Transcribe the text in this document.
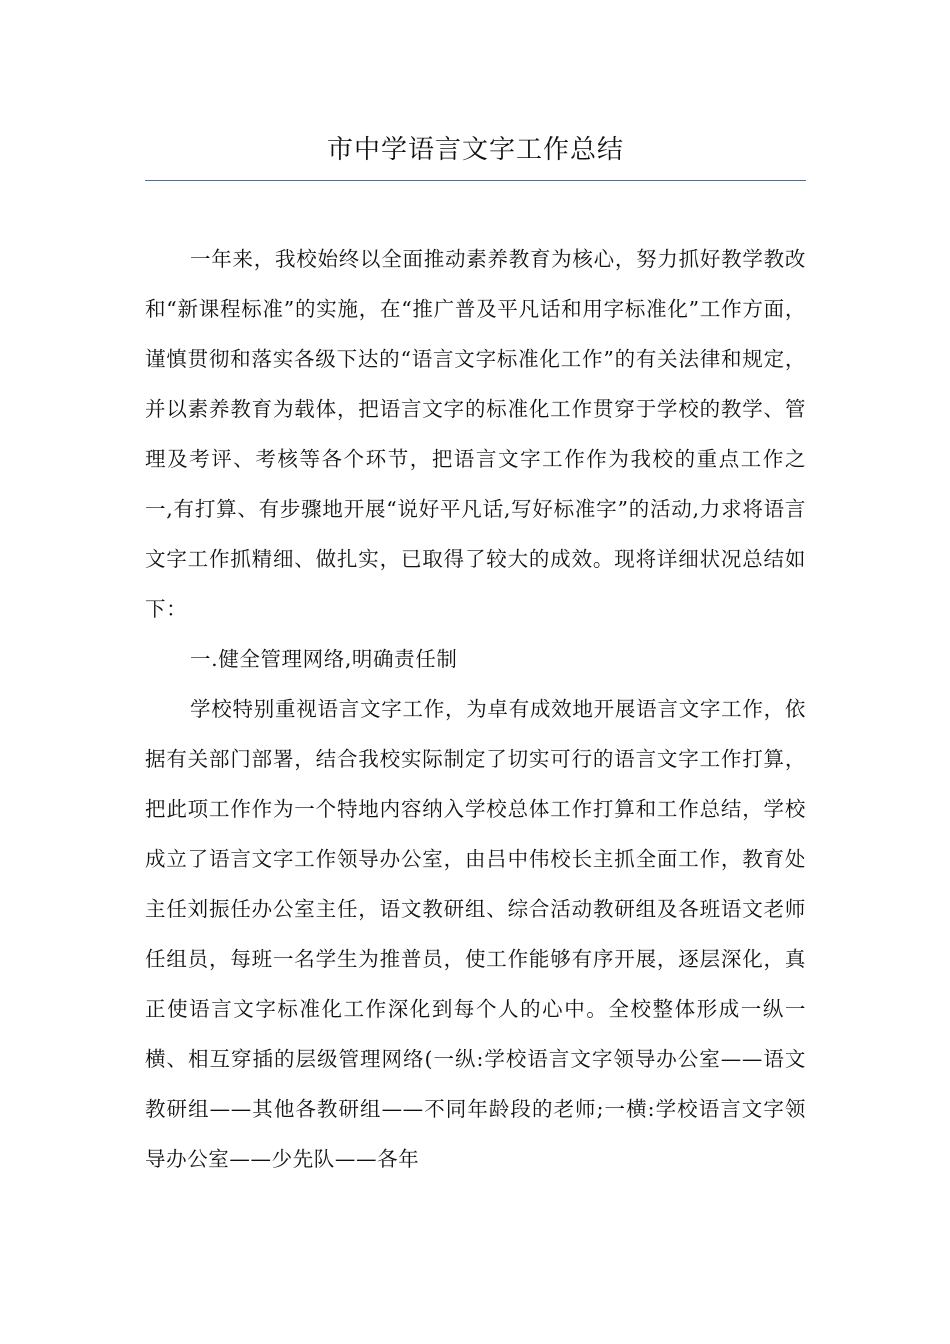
市中学语言文字工作总结

一年来，我校始终以全面推动素养教育为核心，努力抓好教学教改和“新课程标准”的实施，在“推广普及平凡话和用字标准化”工作方面，谨慎贯彻和落实各级下达的“语言文字标准化工作”的有关法律和规定，并以素养教育为载体，把语言文字的标准化工作贯穿于学校的教学、管理及考评、考核等各个环节，把语言文字工作作为我校的重点工作之一,有打算、有步骤地开展“说好平凡话,写好标准字”的活动,力求将语言文字工作抓精细、做扎实，已取得了较大的成效。现将详细状况总结如下：

一.健全管理网络,明确责任制

学校特别重视语言文字工作，为卓有成效地开展语言文字工作，依据有关部门部署，结合我校实际制定了切实可行的语言文字工作打算，把此项工作作为一个特地内容纳入学校总体工作打算和工作总结，学校成立了语言文字工作领导办公室，由吕中伟校长主抓全面工作，教育处主任刘振任办公室主任，语文教研组、综合活动教研组及各班语文老师任组员，每班一名学生为推普员，使工作能够有序开展，逐层深化，真正使语言文字标准化工作深化到每个人的心中。全校整体形成一纵一横、相互穿插的层级管理网络(一纵:学校语言文字领导办公室——语文教研组——其他各教研组——不同年龄段的老师;一横:学校语言文字领导办公室——少先队——各年
